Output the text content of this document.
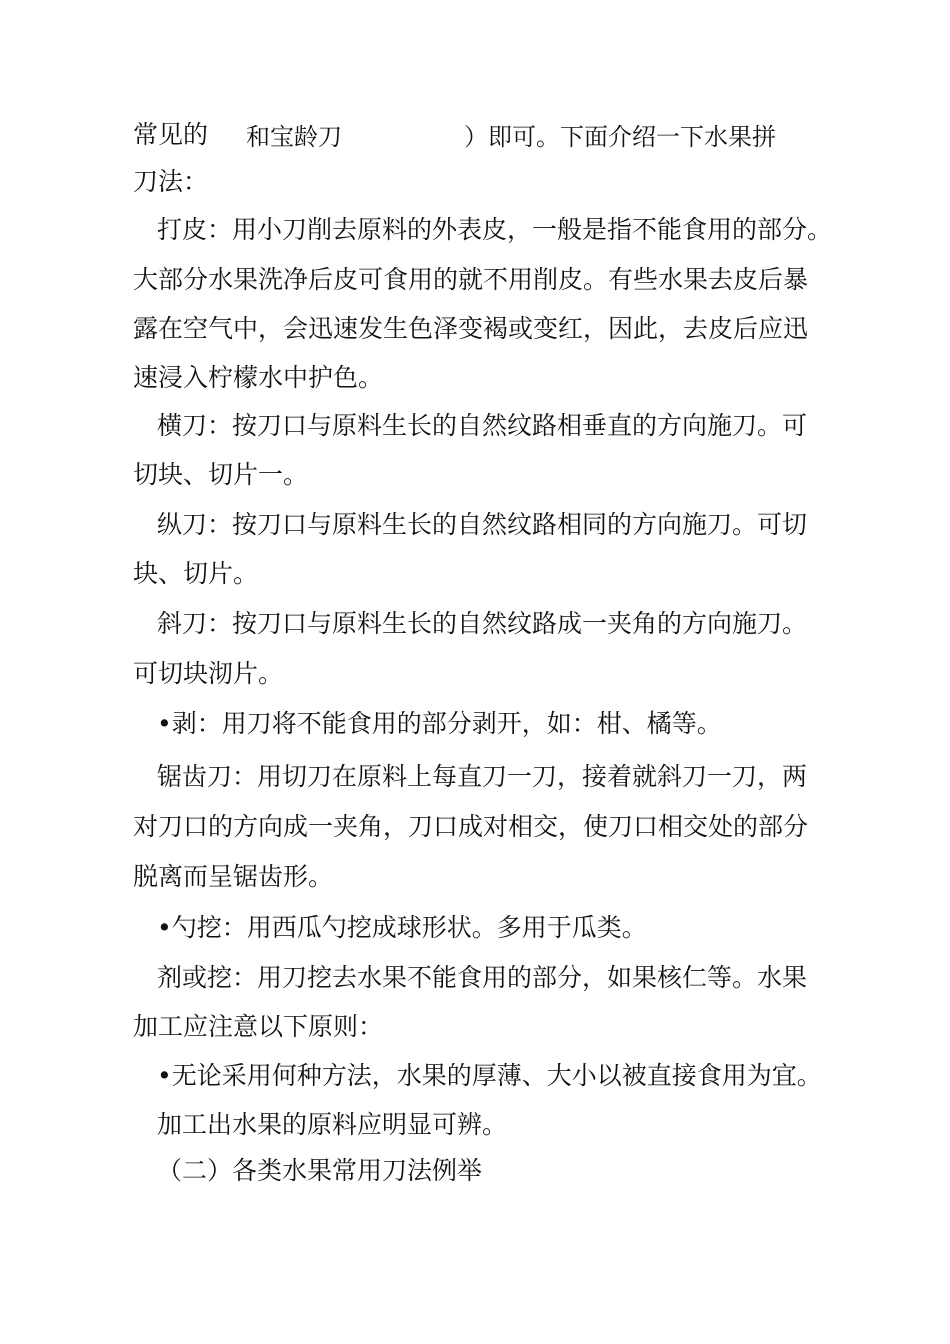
常见的 和宝龄刀	）即可。下面介绍一下水果拼
刀法：
打皮：用小刀削去原料的外表皮，一般是指不能食用的部分。
大部分水果洗净后皮可食用的就不用削皮。有些水果去皮后暴
露在空气中，会迅速发生色泽变褐或变红，因此，去皮后应迅
速浸入柠檬水中护色。
横刀：按刀口与原料生长的自然纹路相垂直的方向施刀。可
切块、切片一。
纵刀：按刀口与原料生长的自然纹路相同的方向施刀。可切
块、切片。
斜刀：按刀口与原料生长的自然纹路成一夹角的方向施刀。
可切块沏片。
•剥：用刀将不能食用的部分剥开，如：柑、橘等。
锯齿刀：用切刀在原料上每直刀一刀，接着就斜刀一刀，两
对刀口的方向成一夹角，刀口成对相交，使刀口相交处的部分
脱离而呈锯齿形。
•勺挖：用西瓜勺挖成球形状。多用于瓜类。
剂或挖：用刀挖去水果不能食用的部分，如果核仁等。水果
加工应注意以下原则：
•无论采用何种方法，水果的厚薄、大小以被直接食用为宜。
加工出水果的原料应明显可辨。
（二）各类水果常用刀法例举
